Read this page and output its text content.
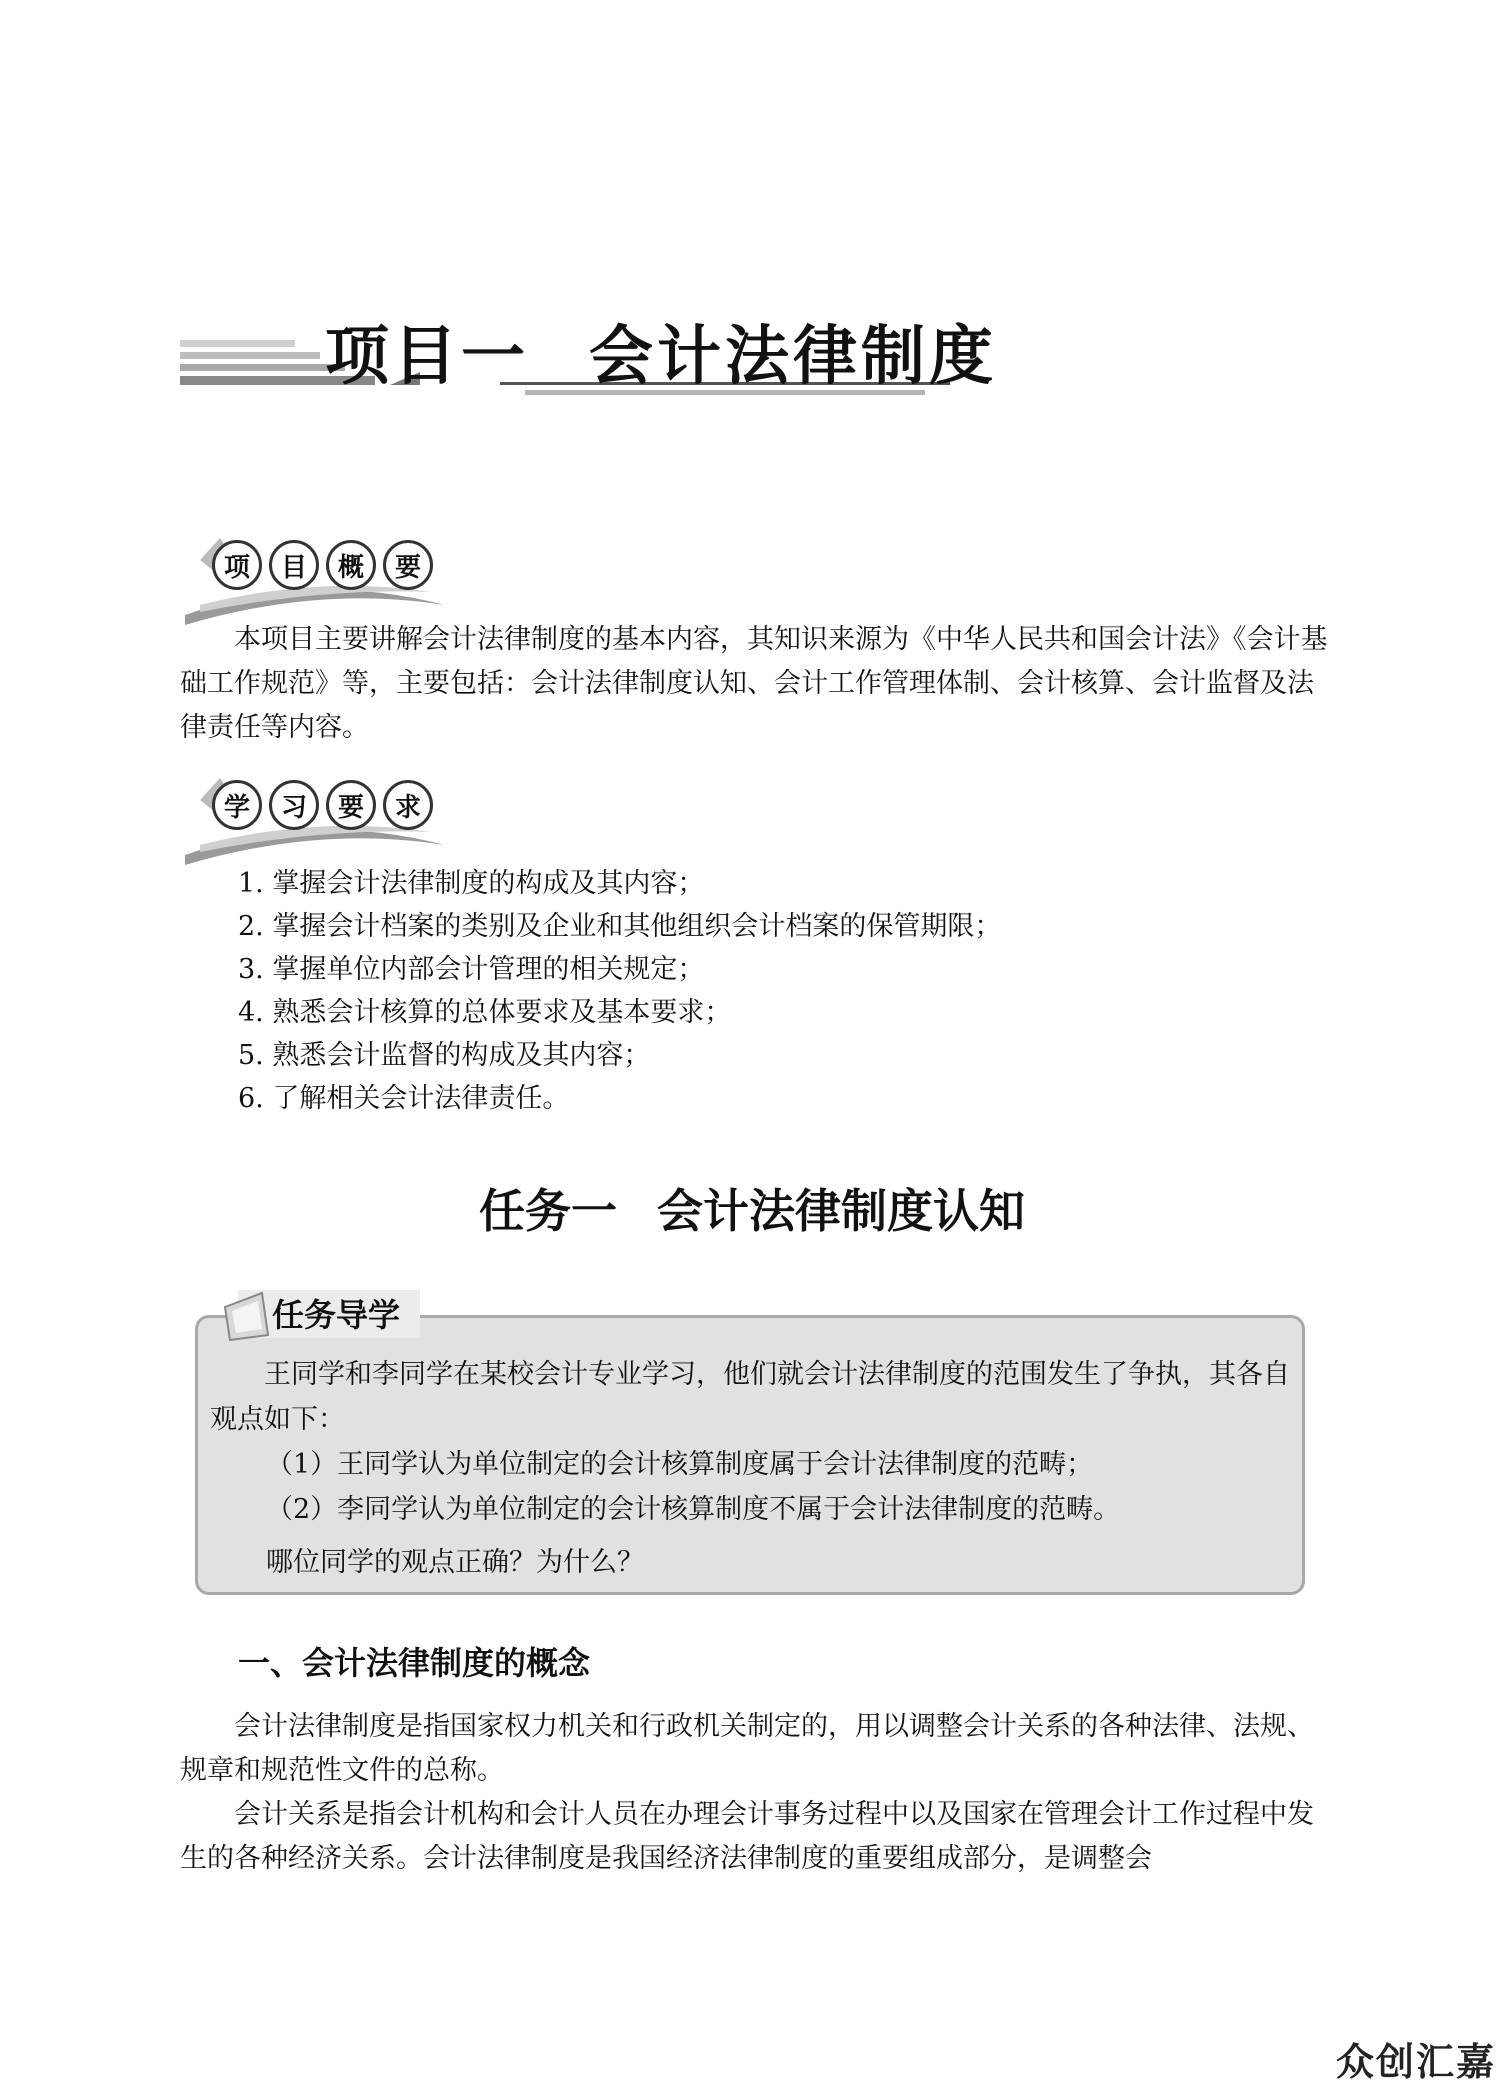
项目一 会计法律制度
项	目	概	要
本项目主要讲解会计法律制度的基本内容，其知识来源为《中华人民共和国会计法》《会计基础工作规范》等，主要包括：会计法律制度认知、会计工作管理体制、会计核算、会计监督及法律责任等内容。
学	习	要	求
1. 掌握会计法律制度的构成及其内容；
2. 掌握会计档案的类别及企业和其他组织会计档案的保管期限；
3. 掌握单位内部会计管理的相关规定；
4. 熟悉会计核算的总体要求及基本要求；
5. 熟悉会计监督的构成及其内容；
6. 了解相关会计法律责任。
任务一 会计法律制度认知
任务导学

王同学和李同学在某校会计专业学习，他们就会计法律制度的范围发生了争执，其各自观点如下：

（1）王同学认为单位制定的会计核算制度属于会计法律制度的范畴；

（2）李同学认为单位制定的会计核算制度不属于会计法律制度的范畴。

哪位同学的观点正确？为什么？

一、会计法律制度的概念
会计法律制度是指国家权力机关和行政机关制定的，用以调整会计关系的各种法律、法规、规章和规范性文件的总称。
会计关系是指会计机构和会计人员在办理会计事务过程中以及国家在管理会计工作过程中发生的各种经济关系。会计法律制度是我国经济法律制度的重要组成部分，是调整会
众创汇嘉
